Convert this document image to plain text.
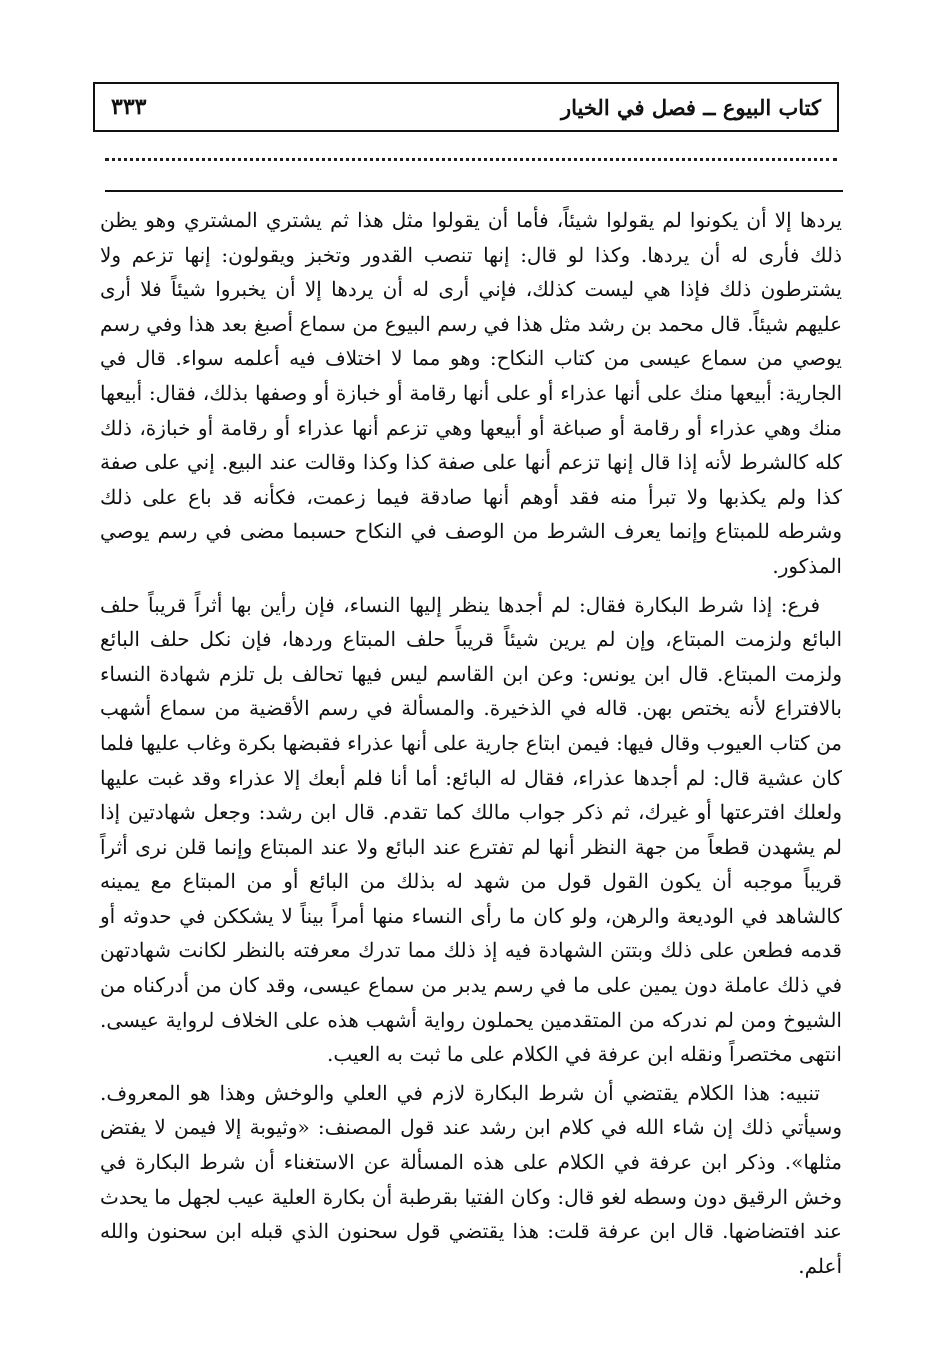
كتاب البيوع ــ فصل في الخيار
٣٣٣

يردها إلا أن يكونوا لم يقولوا شيئاً، فأما أن يقولوا مثل هذا ثم يشتري المشتري وهو يظن ذلك فأرى له أن يردها. وكذا لو قال: إنها تنصب القدور وتخبز ويقولون: إنها تزعم ولا يشترطون ذلك فإذا هي ليست كذلك، فإني أرى له أن يردها إلا أن يخبروا شيئاً فلا أرى عليهم شيئاً. قال محمد بن رشد مثل هذا في رسم البيوع من سماع أصبغ بعد هذا وفي رسم يوصي من سماع عيسى من كتاب النكاح: وهو مما لا اختلاف فيه أعلمه سواء. قال في الجارية: أبيعها منك على أنها عذراء أو على أنها رقامة أو خبازة أو وصفها بذلك، فقال: أبيعها منك وهي عذراء أو رقامة أو صباغة أو أبيعها وهي تزعم أنها عذراء أو رقامة أو خبازة، ذلك كله كالشرط لأنه إذا قال إنها تزعم أنها على صفة كذا وكذا وقالت عند البيع. إني على صفة كذا ولم يكذبها ولا تبرأ منه فقد أوهم أنها صادقة فيما زعمت، فكأنه قد باع على ذلك وشرطه للمبتاع وإنما يعرف الشرط من الوصف في النكاح حسبما مضى في رسم يوصي المذكور.

فرع: إذا شرط البكارة فقال: لم أجدها ينظر إليها النساء، فإن رأين بها أثراً قريباً حلف البائع ولزمت المبتاع، وإن لم يرين شيئاً قريباً حلف المبتاع وردها، فإن نكل حلف البائع ولزمت المبتاع. قال ابن يونس: وعن ابن القاسم ليس فيها تحالف بل تلزم شهادة النساء بالافتراع لأنه يختص بهن. قاله في الذخيرة. والمسألة في رسم الأقضية من سماع أشهب من كتاب العيوب وقال فيها: فيمن ابتاع جارية على أنها عذراء فقبضها بكرة وغاب عليها فلما كان عشية قال: لم أجدها عذراء، فقال له البائع: أما أنا فلم أبعك إلا عذراء وقد غبت عليها ولعلك افترعتها أو غيرك، ثم ذكر جواب مالك كما تقدم. قال ابن رشد: وجعل شهادتين إذا لم يشهدن قطعاً من جهة النظر أنها لم تفترع عند البائع ولا عند المبتاع وإنما قلن نرى أثراً قريباً موجبه أن يكون القول قول من شهد له بذلك من البائع أو من المبتاع مع يمينه كالشاهد في الوديعة والرهن، ولو كان ما رأى النساء منها أمراً بيناً لا يشككن في حدوثه أو قدمه فطعن على ذلك وبتتن الشهادة فيه إذ ذلك مما تدرك معرفته بالنظر لكانت شهادتهن في ذلك عاملة دون يمين على ما في رسم يدبر من سماع عيسى، وقد كان من أدركناه من الشيوخ ومن لم ندركه من المتقدمين يحملون رواية أشهب هذه على الخلاف لرواية عيسى. انتهى مختصراً ونقله ابن عرفة في الكلام على ما ثبت به العيب.

تنبيه: هذا الكلام يقتضي أن شرط البكارة لازم في العلي والوخش وهذا هو المعروف. وسيأتي ذلك إن شاء الله في كلام ابن رشد عند قول المصنف: «وثيوبة إلا فيمن لا يفتض مثلها». وذكر ابن عرفة في الكلام على هذه المسألة عن الاستغناء أن شرط البكارة في وخش الرقيق دون وسطه لغو قال: وكان الفتيا بقرطبة أن بكارة العلية عيب لجهل ما يحدث عند افتضاضها. قال ابن عرفة قلت: هذا يقتضي قول سحنون الذي قبله ابن سحنون والله أعلم.
